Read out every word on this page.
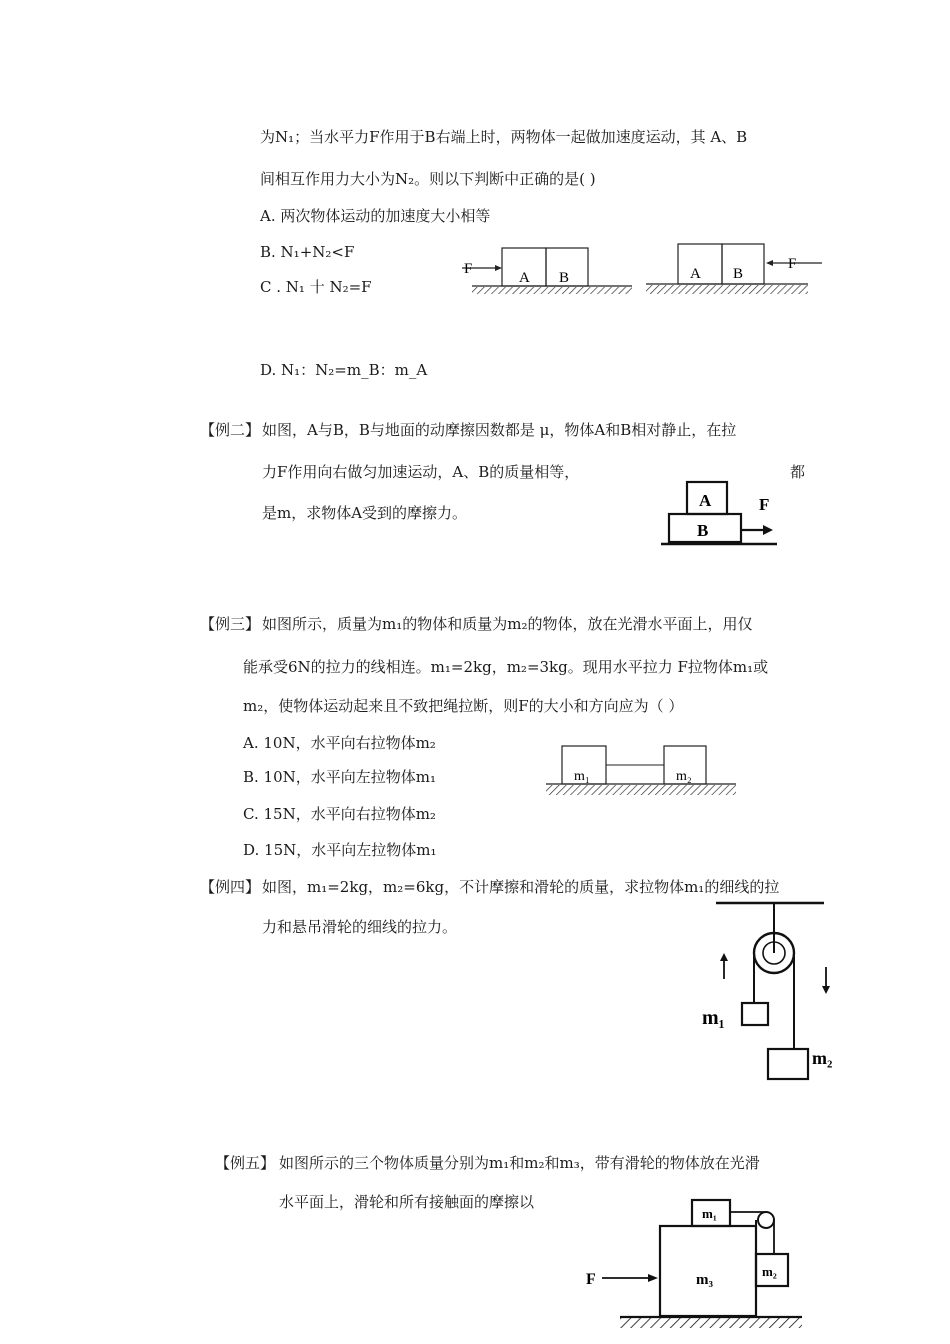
为N₁；当水平力F作用于B右端上时，两物体一起做加速度运动，其 A、B
间相互作用力大小为N₂。则以下判断中正确的是( )
A. 两次物体运动的加速度大小相等
B. N₁+N₂<F
C . N₁ 十 N₂=F
D. N₁：N₂=m_B：m_A
A B
F	A B
F
【例二】 如图，A与B，B与地面的动摩擦因数都是 μ，物体A和B相对静止，在拉
力F作用向右做匀加速运动，A、B的质量相等，	都
是m，求物体A受到的摩擦力。
A
B
F
【例三】 如图所示，质量为m₁的物体和质量为m₂的物体，放在光滑水平面上，用仅
能承受6N的拉力的线相连。m₁=2kg，m₂=3kg。现用水平拉力 F拉物体m₁或
m₂，使物体运动起来且不致把绳拉断，则F的大小和方向应为（ ）
A. 10N，水平向右拉物体m₂
B. 10N，水平向左拉物体m₁
C. 15N，水平向右拉物体m₂
D. 15N，水平向左拉物体m₁
m₁	m₂
【例四】 如图，m₁=2kg，m₂=6kg，不计摩擦和滑轮的质量，求拉物体m₁的细线的拉
力和悬吊滑轮的细线的拉力。
m₁
m₂
【例五】 如图所示的三个物体质量分别为m₁和m₂和m₃，带有滑轮的物体放在光滑
水平面上，滑轮和所有接触面的摩擦以
F
m₁
m₂
m₃
